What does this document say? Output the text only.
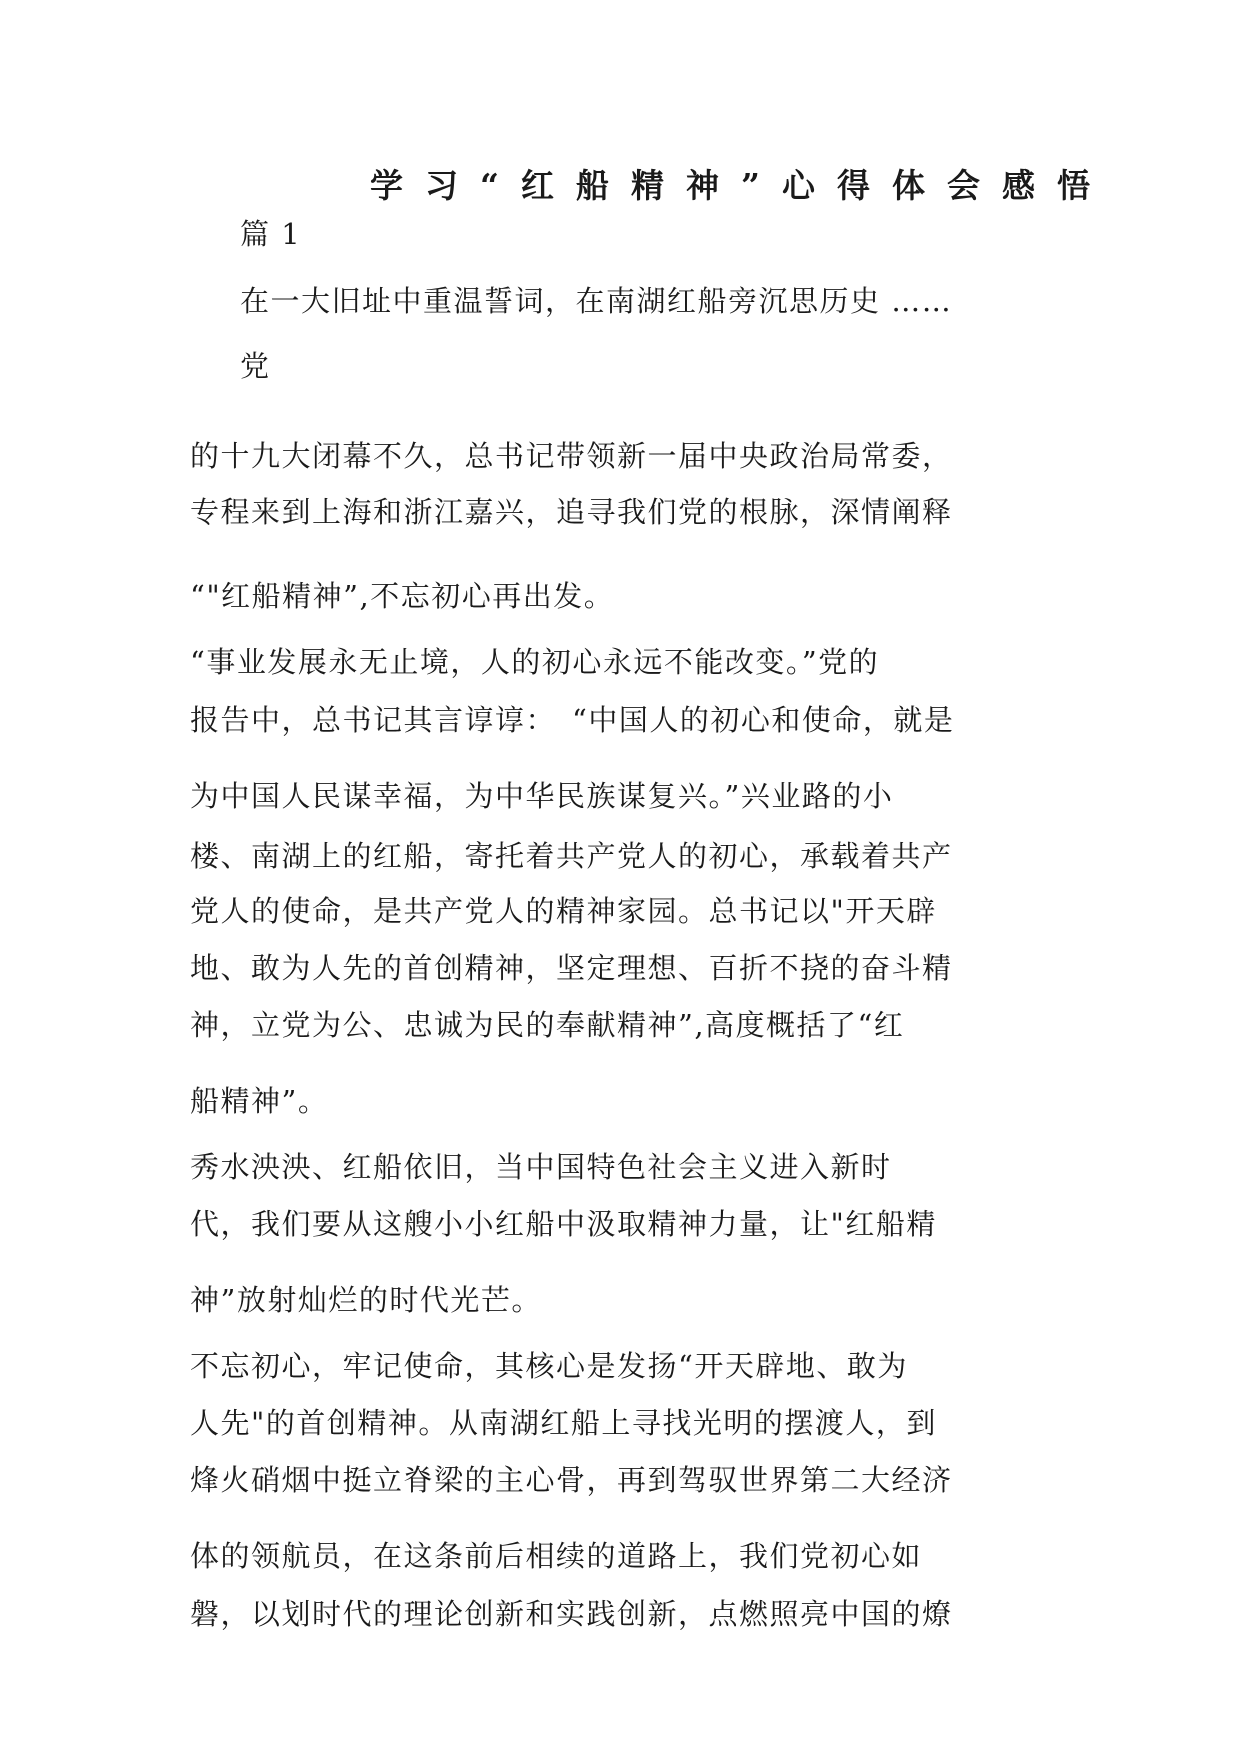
学习“红船精神”心得体会感悟
篇 1
在一大旧址中重温誓词，在南湖红船旁沉思历史 ……
党
的十九大闭幕不久，总书记带领新一届中央政治局常委，
专程来到上海和浙江嘉兴，追寻我们党的根脉，深情阐释
“"红船精神”,不忘初心再出发。
“事业发展永无止境，人的初心永远不能改变。”党的
报告中，总书记其言谆谆：　“中国人的初心和使命，就是
为中国人民谋幸福，为中华民族谋复兴。”兴业路的小
楼、南湖上的红船，寄托着共产党人的初心，承载着共产
党人的使命，是共产党人的精神家园。总书记以"开天辟
地、敢为人先的首创精神，坚定理想、百折不挠的奋斗精
神，立党为公、忠诚为民的奉献精神”,高度概括了“红
船精神”。
秀水泱泱、红船依旧，当中国特色社会主义进入新时
代，我们要从这艘小小红船中汲取精神力量，让"红船精
神”放射灿烂的时代光芒。
不忘初心，牢记使命，其核心是发扬“开天辟地、敢为
人先"的首创精神。从南湖红船上寻找光明的摆渡人，到
烽火硝烟中挺立脊梁的主心骨，再到驾驭世界第二大经济
体的领航员，在这条前后相续的道路上，我们党初心如
磐，以划时代的理论创新和实践创新，点燃照亮中国的燎
